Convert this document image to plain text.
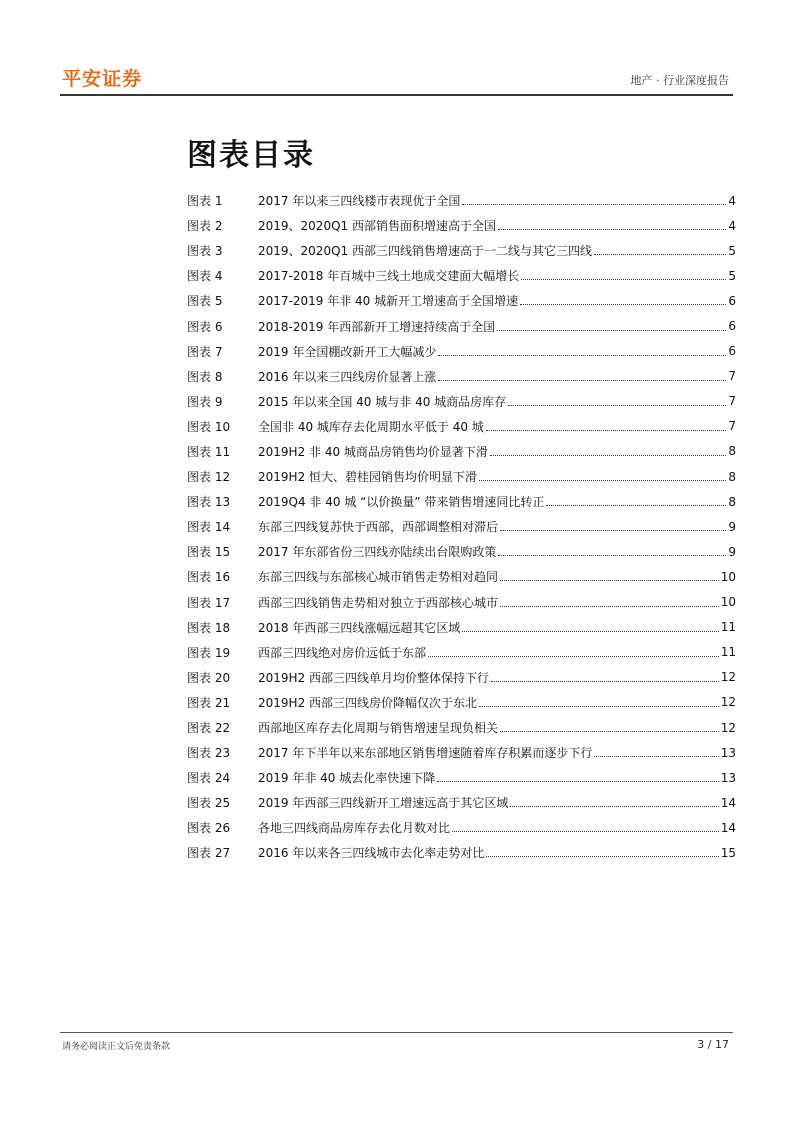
平安证券	地产 · 行业深度报告
图表目录
图表 1	2017 年以来三四线楼市表现优于全国	4
图表 2	2019、2020Q1 西部销售面积增速高于全国	4
图表 3	2019、2020Q1 西部三四线销售增速高于一二线与其它三四线	5
图表 4	2017-2018 年百城中三线土地成交建面大幅增长	5
图表 5	2017-2019 年非 40 城新开工增速高于全国增速	6
图表 6	2018-2019 年西部新开工增速持续高于全国	6
图表 7	2019 年全国棚改新开工大幅减少	6
图表 8	2016 年以来三四线房价显著上涨	7
图表 9	2015 年以来全国 40 城与非 40 城商品房库存	7
图表 10	全国非 40 城库存去化周期水平低于 40 城	7
图表 11	2019H2 非 40 城商品房销售均价显著下滑	8
图表 12	2019H2 恒大、碧桂园销售均价明显下滑	8
图表 13	2019Q4 非 40 城 “以价换量” 带来销售增速同比转正	8
图表 14	东部三四线复苏快于西部，西部调整相对滞后	9
图表 15	2017 年东部省份三四线亦陆续出台限购政策	9
图表 16	东部三四线与东部核心城市销售走势相对趋同	10
图表 17	西部三四线销售走势相对独立于西部核心城市	10
图表 18	2018 年西部三四线涨幅远超其它区域	11
图表 19	西部三四线绝对房价远低于东部	11
图表 20	2019H2 西部三四线单月均价整体保持下行	12
图表 21	2019H2 西部三四线房价降幅仅次于东北	12
图表 22	西部地区库存去化周期与销售增速呈现负相关	12
图表 23	2017 年下半年以来东部地区销售增速随着库存积累而逐步下行	13
图表 24	2019 年非 40 城去化率快速下降	13
图表 25	2019 年西部三四线新开工增速远高于其它区域	14
图表 26	各地三四线商品房库存去化月数对比	14
图表 27	2016 年以来各三四线城市去化率走势对比	15
请务必阅读正文后免责条款	3 / 17
